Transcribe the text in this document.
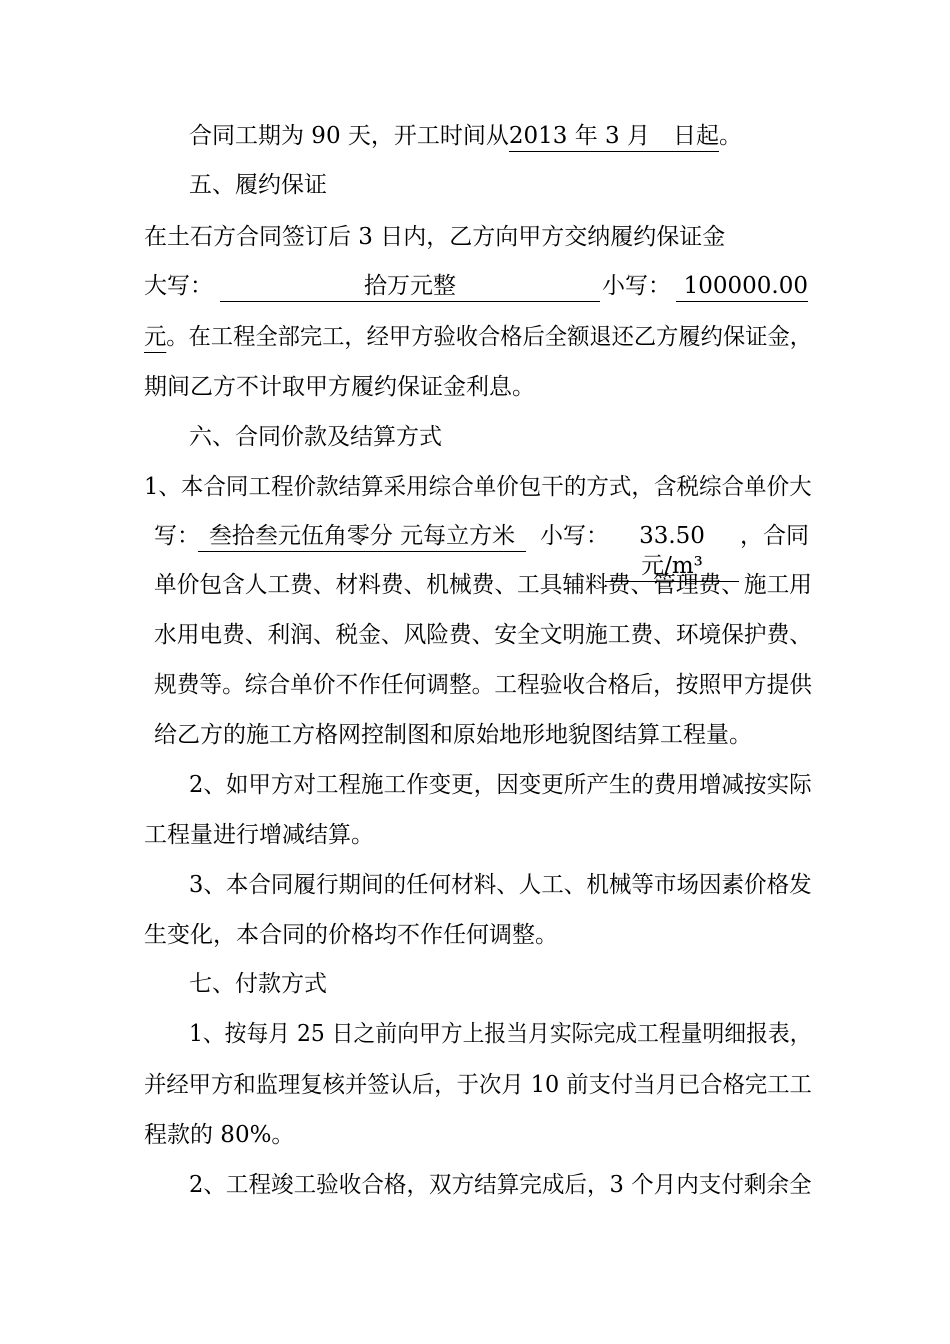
合同工期为 90 天，开工时间从2013 年 3 月　日起。
五、履约保证
在土石方合同签订后 3 日内，乙方向甲方交纳履约保证金
大写：	拾万元整	小写： 100000.00
元。在工程全部完工，经甲方验收合格后全额退还乙方履约保证金，
期间乙方不计取甲方履约保证金利息。
六、合同价款及结算方式
1、本合同工程价款结算采用综合单价包干的方式，含税综合单价大
写： 叁拾叁元伍角零分 元每立方米	小写：	33.50 元/m³
，合同
单价包含人工费、材料费、机械费、工具辅料费、管理费、施工用
水用电费、利润、税金、风险费、安全文明施工费、环境保护费、
规费等。综合单价不作任何调整。工程验收合格后，按照甲方提供
给乙方的施工方格网控制图和原始地形地貌图结算工程量。
2、如甲方对工程施工作变更，因变更所产生的费用增减按实际
工程量进行增减结算。
3、本合同履行期间的任何材料、人工、机械等市场因素价格发
生变化，本合同的价格均不作任何调整。
七、付款方式
1、按每月 25 日之前向甲方上报当月实际完成工程量明细报表，
并经甲方和监理复核并签认后，于次月 10 前支付当月已合格完工工
程款的 80%。
2、工程竣工验收合格，双方结算完成后，3 个月内支付剩余全
